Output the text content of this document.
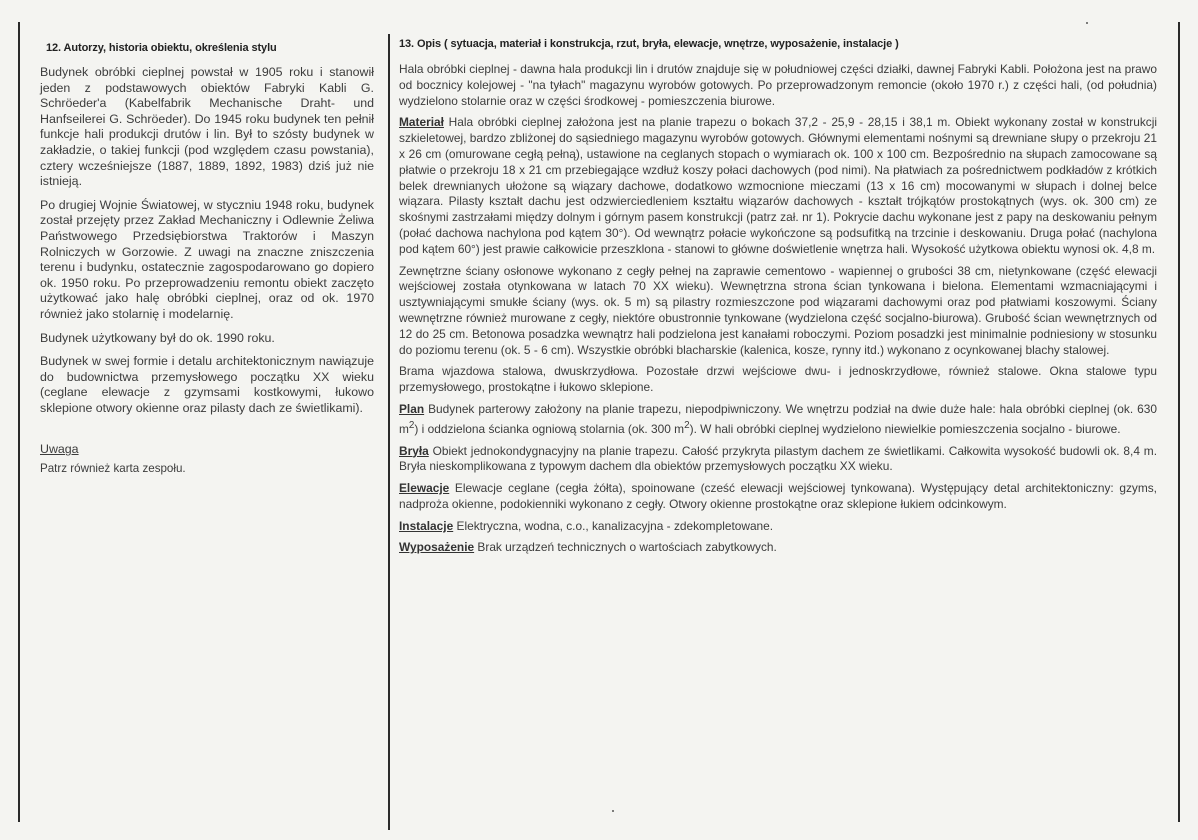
12. Autorzy, historia obiektu, określenia stylu

Budynek obróbki cieplnej powstał w 1905 roku i stanowił jeden z podstawowych obiektów Fabryki Kabli G. Schröeder'a (Kabelfabrik Mechanische Draht- und Hanfseilerei G. Schröeder). Do 1945 roku budynek ten pełnił funkcje hali produkcji drutów i lin. Był to szósty budynek w zakładzie, o takiej funkcji (pod względem czasu powstania), cztery wcześniejsze (1887, 1889, 1892, 1983) dziś już nie istnieją.

Po drugiej Wojnie Światowej, w styczniu 1948 roku, budynek został przejęty przez Zakład Mechaniczny i Odlewnie Żeliwa Państwowego Przedsiębiorstwa Traktorów i Maszyn Rolniczych w Gorzowie. Z uwagi na znaczne zniszczenia terenu i budynku, ostatecznie zagospodarowano go dopiero ok. 1950 roku. Po przeprowadzeniu remontu obiekt zaczęto użytkować jako halę obróbki cieplnej, oraz od ok. 1970 również jako stolarnię i modelarnię.

Budynek użytkowany był do ok. 1990 roku.

Budynek w swej formie i detalu architektonicznym nawiązuje do budownictwa przemysłowego początku XX wieku (ceglane elewacje z gzymsami kostkowymi, łukowo sklepione otwory okienne oraz pilasty dach ze świetlikami).

Uwaga

Patrz również karta zespołu.

13. Opis ( sytuacja, materiał i konstrukcja, rzut, bryła, elewacje, wnętrze, wyposażenie, instalacje )

Hala obróbki cieplnej - dawna hala produkcji lin i drutów znajduje się w południowej części działki, dawnej Fabryki Kabli. Położona jest na prawo od bocznicy kolejowej - "na tyłach" magazynu wyrobów gotowych. Po przeprowadzonym remoncie (około 1970 r.) z części hali, (od południa) wydzielono stolarnie oraz w części środkowej - pomieszczenia biurowe.

Materiał Hala obróbki cieplnej założona jest na planie trapezu o bokach 37,2 - 25,9 - 28,15 i 38,1 m. Obiekt wykonany został w konstrukcji szkieletowej, bardzo zbliżonej do sąsiedniego magazynu wyrobów gotowych. Głównymi elementami nośnymi są drewniane słupy o przekroju 21 x 26 cm (omurowane cegłą pełną), ustawione na ceglanych stopach o wymiarach ok. 100 x 100 cm. Bezpośrednio na słupach zamocowane są płatwie o przekroju 18 x 21 cm przebiegające wzdłuż koszy połaci dachowych (pod nimi). Na płatwiach za pośrednictwem podkładów z krótkich belek drewnianych ułożone są wiązary dachowe, dodatkowo wzmocnione mieczami (13 x 16 cm) mocowanymi w słupach i dolnej belce wiązara. Pilasty kształt dachu jest odzwierciedleniem kształtu wiązarów dachowych - kształt trójkątów prostokątnych (wys. ok. 300 cm) ze skośnymi zastrzałami między dolnym i górnym pasem konstrukcji (patrz zał. nr 1). Pokrycie dachu wykonane jest z papy na deskowaniu pełnym (połać dachowa nachylona pod kątem 30°). Od wewnątrz połacie wykończone są podsufitką na trzcinie i deskowaniu. Druga połać (nachylona pod kątem 60°) jest prawie całkowicie przeszklona - stanowi to główne doświetlenie wnętrza hali. Wysokość użytkowa obiektu wynosi ok. 4,8 m.

Zewnętrzne ściany osłonowe wykonano z cegły pełnej na zaprawie cementowo - wapiennej o grubości 38 cm, nietynkowane (część elewacji wejściowej została otynkowana w latach 70 XX wieku). Wewnętrzna strona ścian tynkowana i bielona. Elementami wzmacniającymi i usztywniającymi smukłe ściany (wys. ok. 5 m) są pilastry rozmieszczone pod wiązarami dachowymi oraz pod płatwiami koszowymi. Ściany wewnętrzne również murowane z cegły, niektóre obustronnie tynkowane (wydzielona część socjalno-biurowa). Grubość ścian wewnętrznych od 12 do 25 cm. Betonowa posadzka wewnątrz hali podzielona jest kanałami roboczymi. Poziom posadzki jest minimalnie podniesiony w stosunku do poziomu terenu (ok. 5 - 6 cm). Wszystkie obróbki blacharskie (kalenica, kosze, rynny itd.) wykonano z ocynkowanej blachy stalowej.

Brama wjazdowa stalowa, dwuskrzydłowa. Pozostałe drzwi wejściowe dwu- i jednoskrzydłowe, również stalowe. Okna stalowe typu przemysłowego, prostokątne i łukowo sklepione.

Plan Budynek parterowy założony na planie trapezu, niepodpiwniczony. We wnętrzu podział na dwie duże hale: hala obróbki cieplnej (ok. 630 $m^2$) i oddzielona ścianka ogniową stolarnia (ok. 300 $m^2$). W hali obróbki cieplnej wydzielono niewielkie pomieszczenia socjalno - biurowe.

Bryła Obiekt jednokondygnacyjny na planie trapezu. Całość przykryta pilastym dachem ze świetlikami. Całkowita wysokość budowli ok. 8,4 m. Bryła nieskomplikowana z typowym dachem dla obiektów przemysłowych początku XX wieku.

Elewacje Elewacje ceglane (cegła żółta), spoinowane (cześć elewacji wejściowej tynkowana). Występujący detal architektoniczny: gzyms, nadproża okienne, podokienniki wykonano z cegły. Otwory okienne prostokątne oraz sklepione łukiem odcinkowym.

Instalacje Elektryczna, wodna, c.o., kanalizacyjna - zdekompletowane.

Wyposażenie Brak urządzeń technicznych o wartościach zabytkowych.
